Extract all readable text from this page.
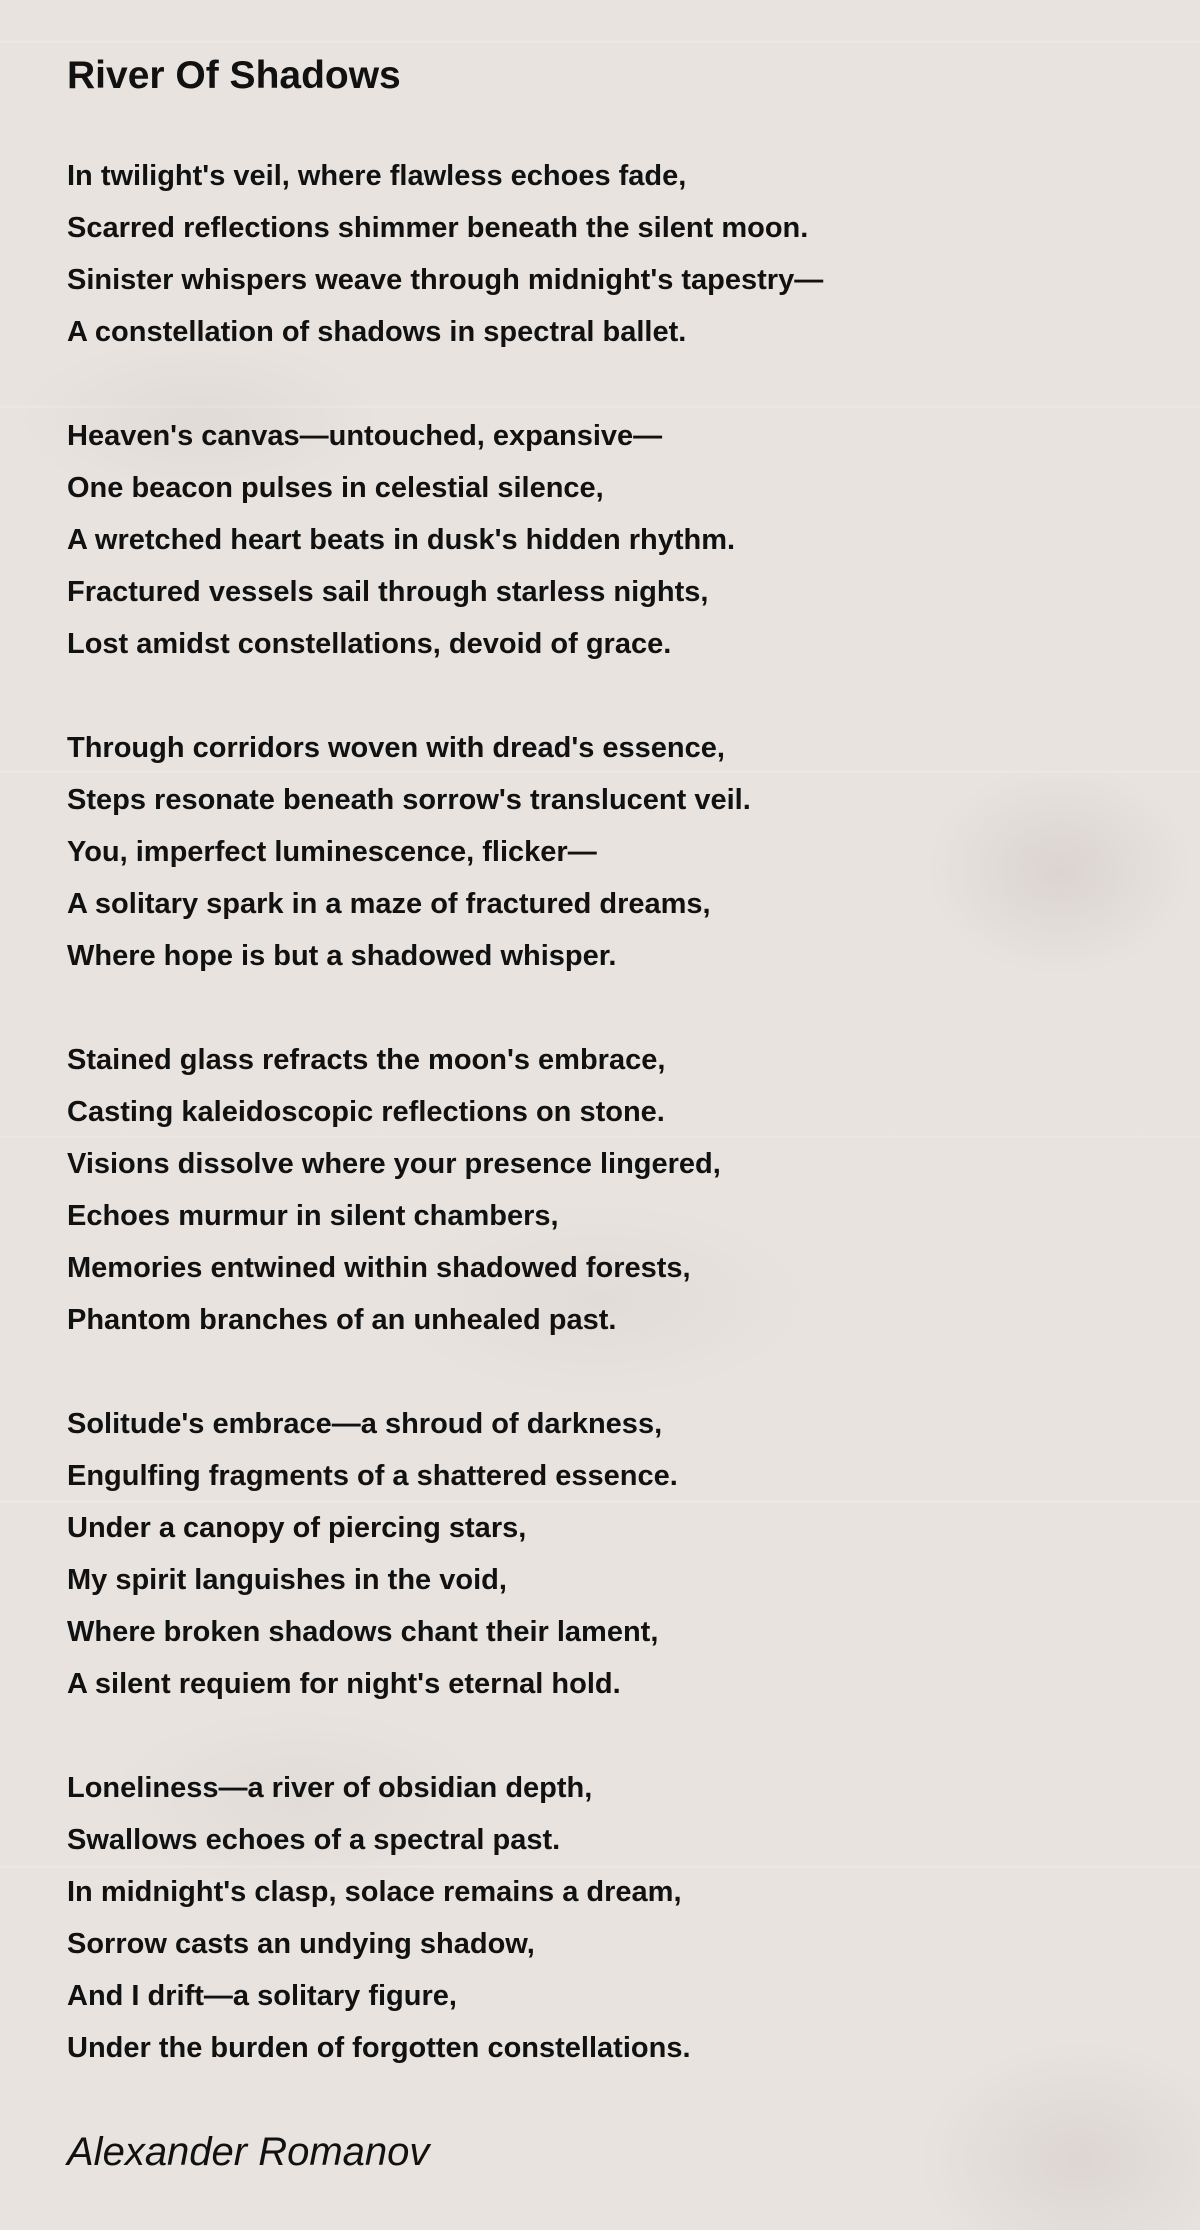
River Of Shadows
In twilight's veil, where flawless echoes fade,
Scarred reflections shimmer beneath the silent moon.
Sinister whispers weave through midnight's tapestry—
A constellation of shadows in spectral ballet.
Heaven's canvas—untouched, expansive—
One beacon pulses in celestial silence,
A wretched heart beats in dusk's hidden rhythm.
Fractured vessels sail through starless nights,
Lost amidst constellations, devoid of grace.
Through corridors woven with dread's essence,
Steps resonate beneath sorrow's translucent veil.
You, imperfect luminescence, flicker—
A solitary spark in a maze of fractured dreams,
Where hope is but a shadowed whisper.
Stained glass refracts the moon's embrace,
Casting kaleidoscopic reflections on stone.
Visions dissolve where your presence lingered,
Echoes murmur in silent chambers,
Memories entwined within shadowed forests,
Phantom branches of an unhealed past.
Solitude's embrace—a shroud of darkness,
Engulfing fragments of a shattered essence.
Under a canopy of piercing stars,
My spirit languishes in the void,
Where broken shadows chant their lament,
A silent requiem for night's eternal hold.
Loneliness—a river of obsidian depth,
Swallows echoes of a spectral past.
In midnight's clasp, solace remains a dream,
Sorrow casts an undying shadow,
And I drift—a solitary figure,
Under the burden of forgotten constellations.
Alexander Romanov
